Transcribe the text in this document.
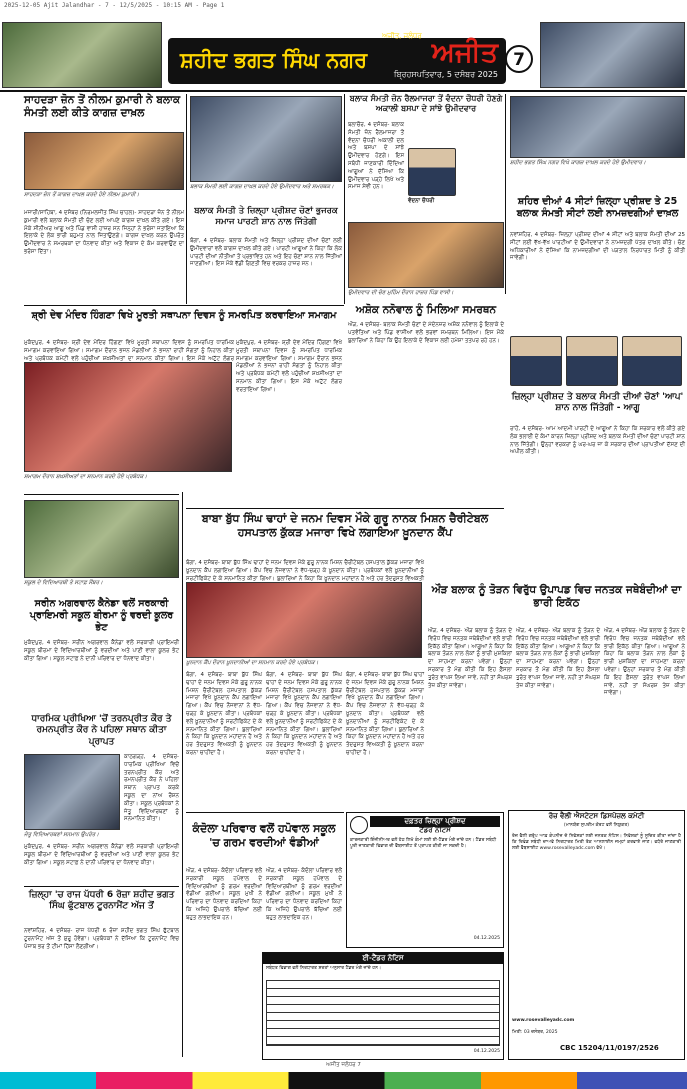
2025-12-05 Ajit Jalandhar - 7 - 12/5/2025 - 10:15 AM - Page 1
ਸ਼ਹੀਦ ਭਗਤ ਸਿੰਘ ਨਗਰ
ਅਜੀਤ, ਜਲੰਧਰ
ਅਜੀਤ
ਬ੍ਰਿਹਸਪਤਿਵਾਰ, 5 ਦਸੰਬਰ 2025
7
ਸਾਹਦੜਾ ਜ਼ੋਨ ਤੋਂ ਨੀਲਮ ਕੁਮਾਰੀ ਨੇ ਬਲਾਕ ਸੰਮਤੀ ਲਈ ਕੀਤੇ ਕਾਗਜ਼ ਦਾਖ਼ਲ
ਸਾਹਦੜਾ ਜ਼ੋਨ ਤੋਂ ਕਾਗਜ਼ ਦਾਖ਼ਲ ਕਰਦੇ ਹੋਏ ਨੀਲਮ ਕੁਮਾਰੀ।
ਮਜਾਰੀ/ਸਾਹਿਬਾ, 4 ਦਸੰਬਰ (ਨਿਰਮਲਜੀਤ ਸਿੰਘ ਚਾਹਲ)- ਸਾਹਦੜਾ ਜ਼ੋਨ ਤੋਂ ਨੀਲਮ ਕੁਮਾਰੀ ਵਲੋਂ ਬਲਾਕ ਸੰਮਤੀ ਦੀ ਚੋਣ ਲਈ ਆਪਣੇ ਕਾਗਜ਼ ਦਾਖ਼ਲ ਕੀਤੇ ਗਏ। ਇਸ ਮੌਕੇ ਸੀਨੀਅਰ ਆਗੂ ਅਤੇ ਪਿੰਡ ਵਾਸੀ ਹਾਜ਼ਰ ਸਨ ਜਿਨ੍ਹਾਂ ਨੇ ਭਰੋਸਾ ਜਤਾਇਆ ਕਿ ਇਲਾਕੇ ਦੇ ਲੋਕ ਭਾਰੀ ਬਹੁਮਤ ਨਾਲ ਜਿਤਾਉਣਗੇ। ਕਾਗਜ਼ ਦਾਖ਼ਲ ਕਰਨ ਉਪਰੰਤ ਉਮੀਦਵਾਰ ਨੇ ਸਮਰਥਕਾਂ ਦਾ ਧੰਨਵਾਦ ਕੀਤਾ ਅਤੇ ਵਿਕਾਸ ਦੇ ਕੰਮ ਕਰਵਾਉਣ ਦਾ ਭਰੋਸਾ ਦਿੱਤਾ।
ਬਲਾਕ ਸੰਮਤੀ ਲਈ ਕਾਗਜ਼ ਦਾਖ਼ਲ ਕਰਦੇ ਹੋਏ ਉਮੀਦਵਾਰ ਅਤੇ ਸਮਰਥਕ।
ਬਲਾਕ ਸੰਮਤੀ ਤੇ ਜ਼ਿਲ੍ਹਾ ਪ੍ਰੀਸ਼ਦ ਚੋਣਾਂ ਭੁਜਰਕ ਸਮਾਜ ਪਾਰਟੀ ਸ਼ਾਨ ਨਾਲ ਜਿੱਤੇਗੀ
ਬੰਗਾ, 4 ਦਸੰਬਰ- ਬਲਾਕ ਸੰਮਤੀ ਅਤੇ ਜ਼ਿਲ੍ਹਾ ਪ੍ਰੀਸ਼ਦ ਦੀਆਂ ਚੋਣਾਂ ਲਈ ਉਮੀਦਵਾਰਾਂ ਵਲੋਂ ਕਾਗਜ਼ ਦਾਖ਼ਲ ਕੀਤੇ ਗਏ। ਪਾਰਟੀ ਆਗੂਆਂ ਨੇ ਕਿਹਾ ਕਿ ਲੋਕ ਪਾਰਟੀ ਦੀਆਂ ਨੀਤੀਆਂ ਤੋਂ ਪ੍ਰਭਾਵਿਤ ਹਨ ਅਤੇ ਇਹ ਚੋਣਾਂ ਸ਼ਾਨ ਨਾਲ ਜਿੱਤੀਆਂ ਜਾਣਗੀਆਂ। ਇਸ ਮੌਕੇ ਵੱਡੀ ਗਿਣਤੀ ਵਿਚ ਵਰਕਰ ਹਾਜ਼ਰ ਸਨ।
ਬਲਾਕ ਸੰਮਤੀ ਜ਼ੋਨ ਰੈਲਮਾਜਰਾ ਤੋਂ ਵੰਦਨਾ ਚੌਧਰੀ ਹੋਣਗੇ ਅਕਾਲੀ ਬਸਪਾ ਦੇ ਸਾਂਝੇ ਉਮੀਦਵਾਰ
ਬਲਾਚੌਰ, 4 ਦਸੰਬਰ- ਬਲਾਕ ਸੰਮਤੀ ਜ਼ੋਨ ਰੈਲਮਾਜਰਾ ਤੋਂ ਵੰਦਨਾ ਚੌਧਰੀ ਅਕਾਲੀ ਦਲ ਅਤੇ ਬਸਪਾ ਦੇ ਸਾਂਝੇ ਉਮੀਦਵਾਰ ਹੋਣਗੇ। ਇਸ ਸਬੰਧੀ ਜਾਣਕਾਰੀ ਦਿੰਦਿਆਂ ਆਗੂਆਂ ਨੇ ਦੱਸਿਆ ਕਿ ਉਮੀਦਵਾਰ ਪੜ੍ਹੇ ਲਿਖੇ ਅਤੇ ਸਮਾਜ ਸੇਵੀ ਹਨ।
ਵੰਦਨਾ ਚੌਧਰੀ
ਸ਼ਹੀਦ ਭਗਤ ਸਿੰਘ ਨਗਰ ਵਿਖੇ ਕਾਗਜ਼ ਦਾਖ਼ਲ ਕਰਦੇ ਹੋਏ ਉਮੀਦਵਾਰ।
ਸ਼ਹਿਰ ਦੀਆਂ 4 ਸੀਟਾਂ ਜ਼ਿਲ੍ਹਾ ਪ੍ਰੀਸ਼ਦ ਤੇ 25 ਬਲਾਕ ਸੰਮਤੀ ਸੀਟਾਂ ਲਈ ਨਾਮਜ਼ਦਗੀਆਂ ਦਾਖ਼ਲ
ਨਵਾਂਸ਼ਹਿਰ, 4 ਦਸੰਬਰ- ਜ਼ਿਲ੍ਹਾ ਪ੍ਰੀਸ਼ਦ ਦੀਆਂ 4 ਸੀਟਾਂ ਅਤੇ ਬਲਾਕ ਸੰਮਤੀ ਦੀਆਂ 25 ਸੀਟਾਂ ਲਈ ਵੱਖ-ਵੱਖ ਪਾਰਟੀਆਂ ਦੇ ਉਮੀਦਵਾਰਾਂ ਨੇ ਨਾਮਜ਼ਦਗੀ ਪੱਤਰ ਦਾਖ਼ਲ ਕੀਤੇ। ਚੋਣ ਅਧਿਕਾਰੀਆਂ ਨੇ ਦੱਸਿਆ ਕਿ ਨਾਮਜ਼ਦਗੀਆਂ ਦੀ ਪੜਤਾਲ ਨਿਰਧਾਰਤ ਮਿਤੀ ਨੂੰ ਕੀਤੀ ਜਾਵੇਗੀ।
ਉਮੀਦਵਾਰ ਦੀ ਚੋਣ ਮੁਹਿੰਮ ਦੌਰਾਨ ਹਾਜ਼ਰ ਪਿੰਡ ਵਾਸੀ।
ਅਸ਼ੋਕ ਨਨੋਵਾਲ ਨੂੰ ਮਿਲਿਆ ਸਮਰਥਨ
ਔੜ, 4 ਦਸੰਬਰ- ਬਲਾਕ ਸੰਮਤੀ ਚੋਣਾਂ ਦੇ ਮੱਦੇਨਜ਼ਰ ਅਸ਼ੋਕ ਨਨੋਵਾਲ ਨੂੰ ਇਲਾਕੇ ਦੇ ਪਤਵੰਤਿਆਂ ਅਤੇ ਪਿੰਡ ਵਾਸੀਆਂ ਵਲੋਂ ਭਰਵਾਂ ਸਮਰਥਨ ਮਿਲਿਆ। ਇਸ ਮੌਕੇ ਬੁਲਾਰਿਆਂ ਨੇ ਕਿਹਾ ਕਿ ਉਹ ਇਲਾਕੇ ਦੇ ਵਿਕਾਸ ਲਈ ਹਮੇਸ਼ਾ ਤਤਪਰ ਰਹੇ ਹਨ।
ਸ਼੍ਰੀ ਦੇਵ ਮੰਦਿਰ ਹਿੰਗਣਾ ਵਿਖੇ ਮੂਰਤੀ ਸਥਾਪਨਾ ਦਿਵਸ ਨੂੰ ਸਮਰਪਿਤ ਕਰਵਾਇਆ ਸਮਾਗਮ
ਮੁਕੰਦਪੁਰ, 4 ਦਸੰਬਰ- ਸ਼੍ਰੀ ਦੇਵ ਮੰਦਿਰ ਹਿੰਗਣਾ ਵਿਖੇ ਮੂਰਤੀ ਸਥਾਪਨਾ ਦਿਵਸ ਨੂੰ ਸਮਰਪਿਤ ਧਾਰਮਿਕ ਸਮਾਗਮ ਕਰਵਾਇਆ ਗਿਆ। ਸਮਾਗਮ ਦੌਰਾਨ ਭਜਨ ਮੰਡਲੀਆਂ ਨੇ ਭਜਨਾਂ ਰਾਹੀਂ ਸੰਗਤਾਂ ਨੂੰ ਨਿਹਾਲ ਕੀਤਾ ਅਤੇ ਪ੍ਰਬੰਧਕ ਕਮੇਟੀ ਵਲੋਂ ਪਹੁੰਚੀਆਂ ਸ਼ਖ਼ਸੀਅਤਾਂ ਦਾ ਸਨਮਾਨ ਕੀਤਾ ਗਿਆ। ਇਸ ਮੌਕੇ ਅਟੁੱਟ ਲੰਗਰ
ਸਮਾਗਮ ਦੌਰਾਨ ਸ਼ਖ਼ਸੀਅਤਾਂ ਦਾ ਸਨਮਾਨ ਕਰਦੇ ਹੋਏ ਪ੍ਰਬੰਧਕ।
ਮੁਕੰਦਪੁਰ, 4 ਦਸੰਬਰ- ਸ਼੍ਰੀ ਦੇਵ ਮੰਦਿਰ ਹਿੰਗਣਾ ਵਿਖੇ ਮੂਰਤੀ ਸਥਾਪਨਾ ਦਿਵਸ ਨੂੰ ਸਮਰਪਿਤ ਧਾਰਮਿਕ ਸਮਾਗਮ ਕਰਵਾਇਆ ਗਿਆ। ਸਮਾਗਮ ਦੌਰਾਨ ਭਜਨ ਮੰਡਲੀਆਂ ਨੇ ਭਜਨਾਂ ਰਾਹੀਂ ਸੰਗਤਾਂ ਨੂੰ ਨਿਹਾਲ ਕੀਤਾ ਅਤੇ ਪ੍ਰਬੰਧਕ ਕਮੇਟੀ ਵਲੋਂ ਪਹੁੰਚੀਆਂ ਸ਼ਖ਼ਸੀਅਤਾਂ ਦਾ ਸਨਮਾਨ ਕੀਤਾ ਗਿਆ। ਇਸ ਮੌਕੇ ਅਟੁੱਟ ਲੰਗਰ ਵਰਤਾਇਆ ਗਿਆ।
ਜ਼ਿਲ੍ਹਾ ਪ੍ਰੀਸ਼ਦ ਤੇ ਬਲਾਕ ਸੰਮਤੀ ਦੀਆਂ ਚੋਣਾਂ 'ਆਪ' ਸ਼ਾਨ ਨਾਲ ਜਿੱਤੇਗੀ - ਆਗੂ
ਰਾਹੋਂ, 4 ਦਸੰਬਰ- ਆਮ ਆਦਮੀ ਪਾਰਟੀ ਦੇ ਆਗੂਆਂ ਨੇ ਕਿਹਾ ਕਿ ਸਰਕਾਰ ਵਲੋਂ ਕੀਤੇ ਗਏ ਲੋਕ ਭਲਾਈ ਦੇ ਕੰਮਾਂ ਕਾਰਨ ਜ਼ਿਲ੍ਹਾ ਪ੍ਰੀਸ਼ਦ ਅਤੇ ਬਲਾਕ ਸੰਮਤੀ ਦੀਆਂ ਚੋਣਾਂ ਪਾਰਟੀ ਸ਼ਾਨ ਨਾਲ ਜਿੱਤੇਗੀ। ਉਨ੍ਹਾਂ ਵਰਕਰਾਂ ਨੂੰ ਘਰ-ਘਰ ਜਾ ਕੇ ਸਰਕਾਰ ਦੀਆਂ ਪ੍ਰਾਪਤੀਆਂ ਦੱਸਣ ਦੀ ਅਪੀਲ ਕੀਤੀ।
ਸਕੂਲ ਦੇ ਵਿਦਿਆਰਥੀ ਤੇ ਸਟਾਫ਼ ਮੈਂਬਰ।
ਸਰੀਨ ਅਗਰਵਾਲ ਕੈਨੇਡਾ ਵਲੋਂ ਸਰਕਾਰੀ ਪ੍ਰਾਇਮਰੀ ਸਕੂਲ ਬੀਰਮਾ ਨੂੰ ਵਰਦੀ ਕੂਲਰ ਭੇਟ
ਮੁਕੰਦਪੁਰ, 4 ਦਸੰਬਰ- ਸਰੀਨ ਅਗਰਵਾਲ ਕੈਨੇਡਾ ਵਲੋਂ ਸਰਕਾਰੀ ਪ੍ਰਾਇਮਰੀ ਸਕੂਲ ਬੀਰਮਾ ਦੇ ਵਿਦਿਆਰਥੀਆਂ ਨੂੰ ਵਰਦੀਆਂ ਅਤੇ ਪਾਣੀ ਵਾਲਾ ਕੂਲਰ ਭੇਟ ਕੀਤਾ ਗਿਆ। ਸਕੂਲ ਸਟਾਫ਼ ਨੇ ਦਾਨੀ ਪਰਿਵਾਰ ਦਾ ਧੰਨਵਾਦ ਕੀਤਾ।
ਧਾਰਮਿਕ ਪ੍ਰੀਖਿਆ 'ਚੋਂ ਤਰਨਪ੍ਰੀਤ ਕੌਰ ਤੇ ਰਮਨਪ੍ਰੀਤ ਕੌਰ ਨੇ ਪਹਿਲਾ ਸਥਾਨ ਕੀਤਾ ਪ੍ਰਾਪਤ
ਕਾਠਗੜ੍ਹ, 4 ਦਸੰਬਰ- ਧਾਰਮਿਕ ਪ੍ਰੀਖਿਆ ਵਿਚੋਂ ਤਰਨਪ੍ਰੀਤ ਕੌਰ ਅਤੇ ਰਮਨਪ੍ਰੀਤ ਕੌਰ ਨੇ ਪਹਿਲਾ ਸਥਾਨ ਪ੍ਰਾਪਤ ਕਰਕੇ ਸਕੂਲ ਦਾ ਨਾਂਅ ਰੌਸ਼ਨ ਕੀਤਾ। ਸਕੂਲ ਪ੍ਰਬੰਧਕਾਂ ਨੇ ਜੇਤੂ ਵਿਦਿਆਰਥਣਾਂ ਨੂੰ ਸਨਮਾਨਿਤ ਕੀਤਾ।
ਜੇਤੂ ਵਿਦਿਆਰਥਣਾਂ ਸਨਮਾਨ ਉਪਰੰਤ।
ਮੁਕੰਦਪੁਰ, 4 ਦਸੰਬਰ- ਸਰੀਨ ਅਗਰਵਾਲ ਕੈਨੇਡਾ ਵਲੋਂ ਸਰਕਾਰੀ ਪ੍ਰਾਇਮਰੀ ਸਕੂਲ ਬੀਰਮਾ ਦੇ ਵਿਦਿਆਰਥੀਆਂ ਨੂੰ ਵਰਦੀਆਂ ਅਤੇ ਪਾਣੀ ਵਾਲਾ ਕੂਲਰ ਭੇਟ ਕੀਤਾ ਗਿਆ। ਸਕੂਲ ਸਟਾਫ਼ ਨੇ ਦਾਨੀ ਪਰਿਵਾਰ ਦਾ ਧੰਨਵਾਦ ਕੀਤਾ।
ਜ਼ਿਲ੍ਹਾ 'ਚ ਰਾਜ ਪੱਧਰੀ 6 ਰੋਜ਼ਾ ਸ਼ਹੀਦ ਭਗਤ ਸਿੰਘ ਫੁੱਟਬਾਲ ਟੂਰਨਾਮੈਂਟ ਅੱਜ ਤੋਂ
ਨਵਾਂਸ਼ਹਿਰ, 4 ਦਸੰਬਰ- ਰਾਜ ਪੱਧਰੀ 6 ਰੋਜ਼ਾ ਸ਼ਹੀਦ ਭਗਤ ਸਿੰਘ ਫੁੱਟਬਾਲ ਟੂਰਨਾਮੈਂਟ ਅੱਜ ਤੋਂ ਸ਼ੁਰੂ ਹੋਵੇਗਾ। ਪ੍ਰਬੰਧਕਾਂ ਨੇ ਦੱਸਿਆ ਕਿ ਟੂਰਨਾਮੈਂਟ ਵਿਚ ਪੰਜਾਬ ਭਰ ਤੋਂ ਟੀਮਾਂ ਹਿੱਸਾ ਲੈਣਗੀਆਂ।
ਬਾਬਾ ਬੁੱਧ ਸਿੰਘ ਢਾਹਾਂ ਦੇ ਜਨਮ ਦਿਵਸ ਮੌਕੇ ਗੁਰੂ ਨਾਨਕ ਮਿਸ਼ਨ ਚੈਰੀਟੇਬਲ ਹਸਪਤਾਲ ਕੁੱਕੜ ਮਜਾਰਾ ਵਿਖੇ ਲਗਾਇਆ ਖ਼ੂਨਦਾਨ ਕੈਂਪ
ਬੰਗਾ, 4 ਦਸੰਬਰ- ਬਾਬਾ ਬੁੱਧ ਸਿੰਘ ਢਾਹਾਂ ਦੇ ਜਨਮ ਦਿਵਸ ਮੌਕੇ ਗੁਰੂ ਨਾਨਕ ਮਿਸ਼ਨ ਚੈਰੀਟੇਬਲ ਹਸਪਤਾਲ ਕੁੱਕੜ ਮਜਾਰਾ ਵਿਖੇ ਖ਼ੂਨਦਾਨ ਕੈਂਪ ਲਗਾਇਆ ਗਿਆ। ਕੈਂਪ ਵਿਚ ਨੌਜਵਾਨਾਂ ਨੇ ਵੱਧ-ਚੜ੍ਹ ਕੇ ਖ਼ੂਨਦਾਨ ਕੀਤਾ। ਪ੍ਰਬੰਧਕਾਂ ਵਲੋਂ ਖ਼ੂਨਦਾਨੀਆਂ ਨੂੰ ਸਰਟੀਫਿਕੇਟ ਦੇ ਕੇ ਸਨਮਾਨਿਤ ਕੀਤਾ ਗਿਆ। ਬੁਲਾਰਿਆਂ ਨੇ ਕਿਹਾ ਕਿ ਖ਼ੂਨਦਾਨ ਮਹਾਂਦਾਨ ਹੈ ਅਤੇ ਹਰ ਤੰਦਰੁਸਤ ਵਿਅਕਤੀ
ਖ਼ੂਨਦਾਨ ਕੈਂਪ ਦੌਰਾਨ ਖ਼ੂਨਦਾਨੀਆਂ ਦਾ ਸਨਮਾਨ ਕਰਦੇ ਹੋਏ ਪ੍ਰਬੰਧਕ।
ਬੰਗਾ, 4 ਦਸੰਬਰ- ਬਾਬਾ ਬੁੱਧ ਸਿੰਘ ਢਾਹਾਂ ਦੇ ਜਨਮ ਦਿਵਸ ਮੌਕੇ ਗੁਰੂ ਨਾਨਕ ਮਿਸ਼ਨ ਚੈਰੀਟੇਬਲ ਹਸਪਤਾਲ ਕੁੱਕੜ ਮਜਾਰਾ ਵਿਖੇ ਖ਼ੂਨਦਾਨ ਕੈਂਪ ਲਗਾਇਆ ਗਿਆ। ਕੈਂਪ ਵਿਚ ਨੌਜਵਾਨਾਂ ਨੇ ਵੱਧ-ਚੜ੍ਹ ਕੇ ਖ਼ੂਨਦਾਨ ਕੀਤਾ। ਪ੍ਰਬੰਧਕਾਂ ਵਲੋਂ ਖ਼ੂਨਦਾਨੀਆਂ ਨੂੰ ਸਰਟੀਫਿਕੇਟ ਦੇ ਕੇ ਸਨਮਾਨਿਤ ਕੀਤਾ ਗਿਆ। ਬੁਲਾਰਿਆਂ ਨੇ ਕਿਹਾ ਕਿ ਖ਼ੂਨਦਾਨ ਮਹਾਂਦਾਨ ਹੈ ਅਤੇ ਹਰ ਤੰਦਰੁਸਤ ਵਿਅਕਤੀ ਨੂੰ ਖ਼ੂਨਦਾਨ ਕਰਨਾ ਚਾਹੀਦਾ ਹੈ।
ਬੰਗਾ, 4 ਦਸੰਬਰ- ਬਾਬਾ ਬੁੱਧ ਸਿੰਘ ਢਾਹਾਂ ਦੇ ਜਨਮ ਦਿਵਸ ਮੌਕੇ ਗੁਰੂ ਨਾਨਕ ਮਿਸ਼ਨ ਚੈਰੀਟੇਬਲ ਹਸਪਤਾਲ ਕੁੱਕੜ ਮਜਾਰਾ ਵਿਖੇ ਖ਼ੂਨਦਾਨ ਕੈਂਪ ਲਗਾਇਆ ਗਿਆ। ਕੈਂਪ ਵਿਚ ਨੌਜਵਾਨਾਂ ਨੇ ਵੱਧ-ਚੜ੍ਹ ਕੇ ਖ਼ੂਨਦਾਨ ਕੀਤਾ। ਪ੍ਰਬੰਧਕਾਂ ਵਲੋਂ ਖ਼ੂਨਦਾਨੀਆਂ ਨੂੰ ਸਰਟੀਫਿਕੇਟ ਦੇ ਕੇ ਸਨਮਾਨਿਤ ਕੀਤਾ ਗਿਆ। ਬੁਲਾਰਿਆਂ ਨੇ ਕਿਹਾ ਕਿ ਖ਼ੂਨਦਾਨ ਮਹਾਂਦਾਨ ਹੈ ਅਤੇ ਹਰ ਤੰਦਰੁਸਤ ਵਿਅਕਤੀ ਨੂੰ ਖ਼ੂਨਦਾਨ ਕਰਨਾ ਚਾਹੀਦਾ ਹੈ।
ਬੰਗਾ, 4 ਦਸੰਬਰ- ਬਾਬਾ ਬੁੱਧ ਸਿੰਘ ਢਾਹਾਂ ਦੇ ਜਨਮ ਦਿਵਸ ਮੌਕੇ ਗੁਰੂ ਨਾਨਕ ਮਿਸ਼ਨ ਚੈਰੀਟੇਬਲ ਹਸਪਤਾਲ ਕੁੱਕੜ ਮਜਾਰਾ ਵਿਖੇ ਖ਼ੂਨਦਾਨ ਕੈਂਪ ਲਗਾਇਆ ਗਿਆ। ਕੈਂਪ ਵਿਚ ਨੌਜਵਾਨਾਂ ਨੇ ਵੱਧ-ਚੜ੍ਹ ਕੇ ਖ਼ੂਨਦਾਨ ਕੀਤਾ। ਪ੍ਰਬੰਧਕਾਂ ਵਲੋਂ ਖ਼ੂਨਦਾਨੀਆਂ ਨੂੰ ਸਰਟੀਫਿਕੇਟ ਦੇ ਕੇ ਸਨਮਾਨਿਤ ਕੀਤਾ ਗਿਆ। ਬੁਲਾਰਿਆਂ ਨੇ ਕਿਹਾ ਕਿ ਖ਼ੂਨਦਾਨ ਮਹਾਂਦਾਨ ਹੈ ਅਤੇ ਹਰ ਤੰਦਰੁਸਤ ਵਿਅਕਤੀ ਨੂੰ ਖ਼ੂਨਦਾਨ ਕਰਨਾ ਚਾਹੀਦਾ ਹੈ।
ਔੜ ਬਲਾਕ ਨੂੰ ਤੋੜਨ ਵਿਰੁੱਧ ਉਪਾਪਡ ਵਿਚ ਜਨਤਕ ਜਥੇਬੰਦੀਆਂ ਦਾ ਭਾਰੀ ਇਕੱਠ
ਔੜ, 4 ਦਸੰਬਰ- ਔੜ ਬਲਾਕ ਨੂੰ ਤੋੜਨ ਦੇ ਵਿਰੋਧ ਵਿਚ ਜਨਤਕ ਜਥੇਬੰਦੀਆਂ ਵਲੋਂ ਭਾਰੀ ਇਕੱਠ ਕੀਤਾ ਗਿਆ। ਆਗੂਆਂ ਨੇ ਕਿਹਾ ਕਿ ਬਲਾਕ ਤੋੜਨ ਨਾਲ ਲੋਕਾਂ ਨੂੰ ਭਾਰੀ ਮੁਸ਼ਕਿਲਾਂ ਦਾ ਸਾਹਮਣਾ ਕਰਨਾ ਪਵੇਗਾ। ਉਨ੍ਹਾਂ ਸਰਕਾਰ ਤੋਂ ਮੰਗ ਕੀਤੀ ਕਿ ਇਹ ਫ਼ੈਸਲਾ ਤੁਰੰਤ ਵਾਪਸ ਲਿਆ ਜਾਵੇ, ਨਹੀਂ ਤਾਂ ਸੰਘਰਸ਼ ਤੇਜ਼ ਕੀਤਾ ਜਾਵੇਗਾ।
ਔੜ, 4 ਦਸੰਬਰ- ਔੜ ਬਲਾਕ ਨੂੰ ਤੋੜਨ ਦੇ ਵਿਰੋਧ ਵਿਚ ਜਨਤਕ ਜਥੇਬੰਦੀਆਂ ਵਲੋਂ ਭਾਰੀ ਇਕੱਠ ਕੀਤਾ ਗਿਆ। ਆਗੂਆਂ ਨੇ ਕਿਹਾ ਕਿ ਬਲਾਕ ਤੋੜਨ ਨਾਲ ਲੋਕਾਂ ਨੂੰ ਭਾਰੀ ਮੁਸ਼ਕਿਲਾਂ ਦਾ ਸਾਹਮਣਾ ਕਰਨਾ ਪਵੇਗਾ। ਉਨ੍ਹਾਂ ਸਰਕਾਰ ਤੋਂ ਮੰਗ ਕੀਤੀ ਕਿ ਇਹ ਫ਼ੈਸਲਾ ਤੁਰੰਤ ਵਾਪਸ ਲਿਆ ਜਾਵੇ, ਨਹੀਂ ਤਾਂ ਸੰਘਰਸ਼ ਤੇਜ਼ ਕੀਤਾ ਜਾਵੇਗਾ।
ਔੜ, 4 ਦਸੰਬਰ- ਔੜ ਬਲਾਕ ਨੂੰ ਤੋੜਨ ਦੇ ਵਿਰੋਧ ਵਿਚ ਜਨਤਕ ਜਥੇਬੰਦੀਆਂ ਵਲੋਂ ਭਾਰੀ ਇਕੱਠ ਕੀਤਾ ਗਿਆ। ਆਗੂਆਂ ਨੇ ਕਿਹਾ ਕਿ ਬਲਾਕ ਤੋੜਨ ਨਾਲ ਲੋਕਾਂ ਨੂੰ ਭਾਰੀ ਮੁਸ਼ਕਿਲਾਂ ਦਾ ਸਾਹਮਣਾ ਕਰਨਾ ਪਵੇਗਾ। ਉਨ੍ਹਾਂ ਸਰਕਾਰ ਤੋਂ ਮੰਗ ਕੀਤੀ ਕਿ ਇਹ ਫ਼ੈਸਲਾ ਤੁਰੰਤ ਵਾਪਸ ਲਿਆ ਜਾਵੇ, ਨਹੀਂ ਤਾਂ ਸੰਘਰਸ਼ ਤੇਜ਼ ਕੀਤਾ ਜਾਵੇਗਾ।
ਕੰਦੋਲਾ ਪਰਿਵਾਰ ਵਲੋਂ ਹਪੋਵਾਲ ਸਕੂਲ 'ਚ ਗਰਮ ਵਰਦੀਆਂ ਵੰਡੀਆਂ
ਔੜ, 4 ਦਸੰਬਰ- ਕੰਦੋਲਾ ਪਰਿਵਾਰ ਵਲੋਂ ਸਰਕਾਰੀ ਸਕੂਲ ਹਪੋਵਾਲ ਦੇ ਵਿਦਿਆਰਥੀਆਂ ਨੂੰ ਗਰਮ ਵਰਦੀਆਂ ਵੰਡੀਆਂ ਗਈਆਂ। ਸਕੂਲ ਮੁਖੀ ਨੇ ਪਰਿਵਾਰ ਦਾ ਧੰਨਵਾਦ ਕਰਦਿਆਂ ਕਿਹਾ ਕਿ ਅਜਿਹੇ ਉਪਰਾਲੇ ਬੱਚਿਆਂ ਲਈ ਬਹੁਤ ਲਾਭਦਾਇਕ ਹਨ।
ਔੜ, 4 ਦਸੰਬਰ- ਕੰਦੋਲਾ ਪਰਿਵਾਰ ਵਲੋਂ ਸਰਕਾਰੀ ਸਕੂਲ ਹਪੋਵਾਲ ਦੇ ਵਿਦਿਆਰਥੀਆਂ ਨੂੰ ਗਰਮ ਵਰਦੀਆਂ ਵੰਡੀਆਂ ਗਈਆਂ। ਸਕੂਲ ਮੁਖੀ ਨੇ ਪਰਿਵਾਰ ਦਾ ਧੰਨਵਾਦ ਕਰਦਿਆਂ ਕਿਹਾ ਕਿ ਅਜਿਹੇ ਉਪਰਾਲੇ ਬੱਚਿਆਂ ਲਈ ਬਹੁਤ ਲਾਭਦਾਇਕ ਹਨ।
ਦਫ਼ਤਰ ਜ਼ਿਲ੍ਹਾ ਪ੍ਰੀਸ਼ਦ
ਟੈਂਡਰ ਨੋਟਿਸ
ਕਾਰਜਕਾਰੀ ਇੰਜੀਨੀਅਰ ਵਲੋਂ ਹੇਠ ਲਿਖੇ ਕੰਮਾਂ ਲਈ ਈ-ਟੈਂਡਰ ਮੰਗੇ ਜਾਂਦੇ ਹਨ। ਟੈਂਡਰ ਸਬੰਧੀ ਪੂਰੀ ਜਾਣਕਾਰੀ ਵਿਭਾਗ ਦੀ ਵੈੱਬਸਾਈਟ ਤੋਂ ਪ੍ਰਾਪਤ ਕੀਤੀ ਜਾ ਸਕਦੀ ਹੈ।
04.12.2025
ਈ-ਟੈਂਡਰ ਨੋਟਿਸ
ਸਬੰਧਤ ਵਿਭਾਗ ਵਲੋਂ ਨਿਰਧਾਰਤ ਸ਼ਰਤਾਂ ਅਨੁਸਾਰ ਟੈਂਡਰ ਮੰਗੇ ਜਾਂਦੇ ਹਨ।
04.12.2025
ਰੋਜ਼ ਵੈਲੀ ਐਸਟੇਟਸ ਡਿਸਪੋਜ਼ਲ ਕਮੇਟੀ
(ਮਾਨਯੋਗ ਸੁਪਰੀਮ ਕੋਰਟ ਵਲੋਂ ਨਿਯੁਕਤ)
ਰੋਜ਼ ਵੈਲੀ ਗਰੁੱਪ ਆਫ਼ ਕੰਪਨੀਜ਼ ਦੇ ਨਿਵੇਸ਼ਕਾਂ ਲਈ ਜਨਤਕ ਨੋਟਿਸ। ਨਿਵੇਸ਼ਕਾਂ ਨੂੰ ਸੂਚਿਤ ਕੀਤਾ ਜਾਂਦਾ ਹੈ ਕਿ ਰਿਫੰਡ ਸਬੰਧੀ ਦਾਅਵੇ ਨਿਰਧਾਰਤ ਮਿਤੀ ਤੱਕ ਆਨਲਾਈਨ ਜਮ੍ਹਾਂ ਕਰਵਾਏ ਜਾਣ। ਵਧੇਰੇ ਜਾਣਕਾਰੀ ਲਈ ਵੈੱਬਸਾਈਟ www.rosevalleyadc.com ਵੇਖੋ।
www.rosevalleyadc.com
ਮਿਤੀ: 03 ਦਸੰਬਰ, 2025
CBC 15204/11/0197/2526
ਅਜੀਤ ਜਲੰਧਰ 7
